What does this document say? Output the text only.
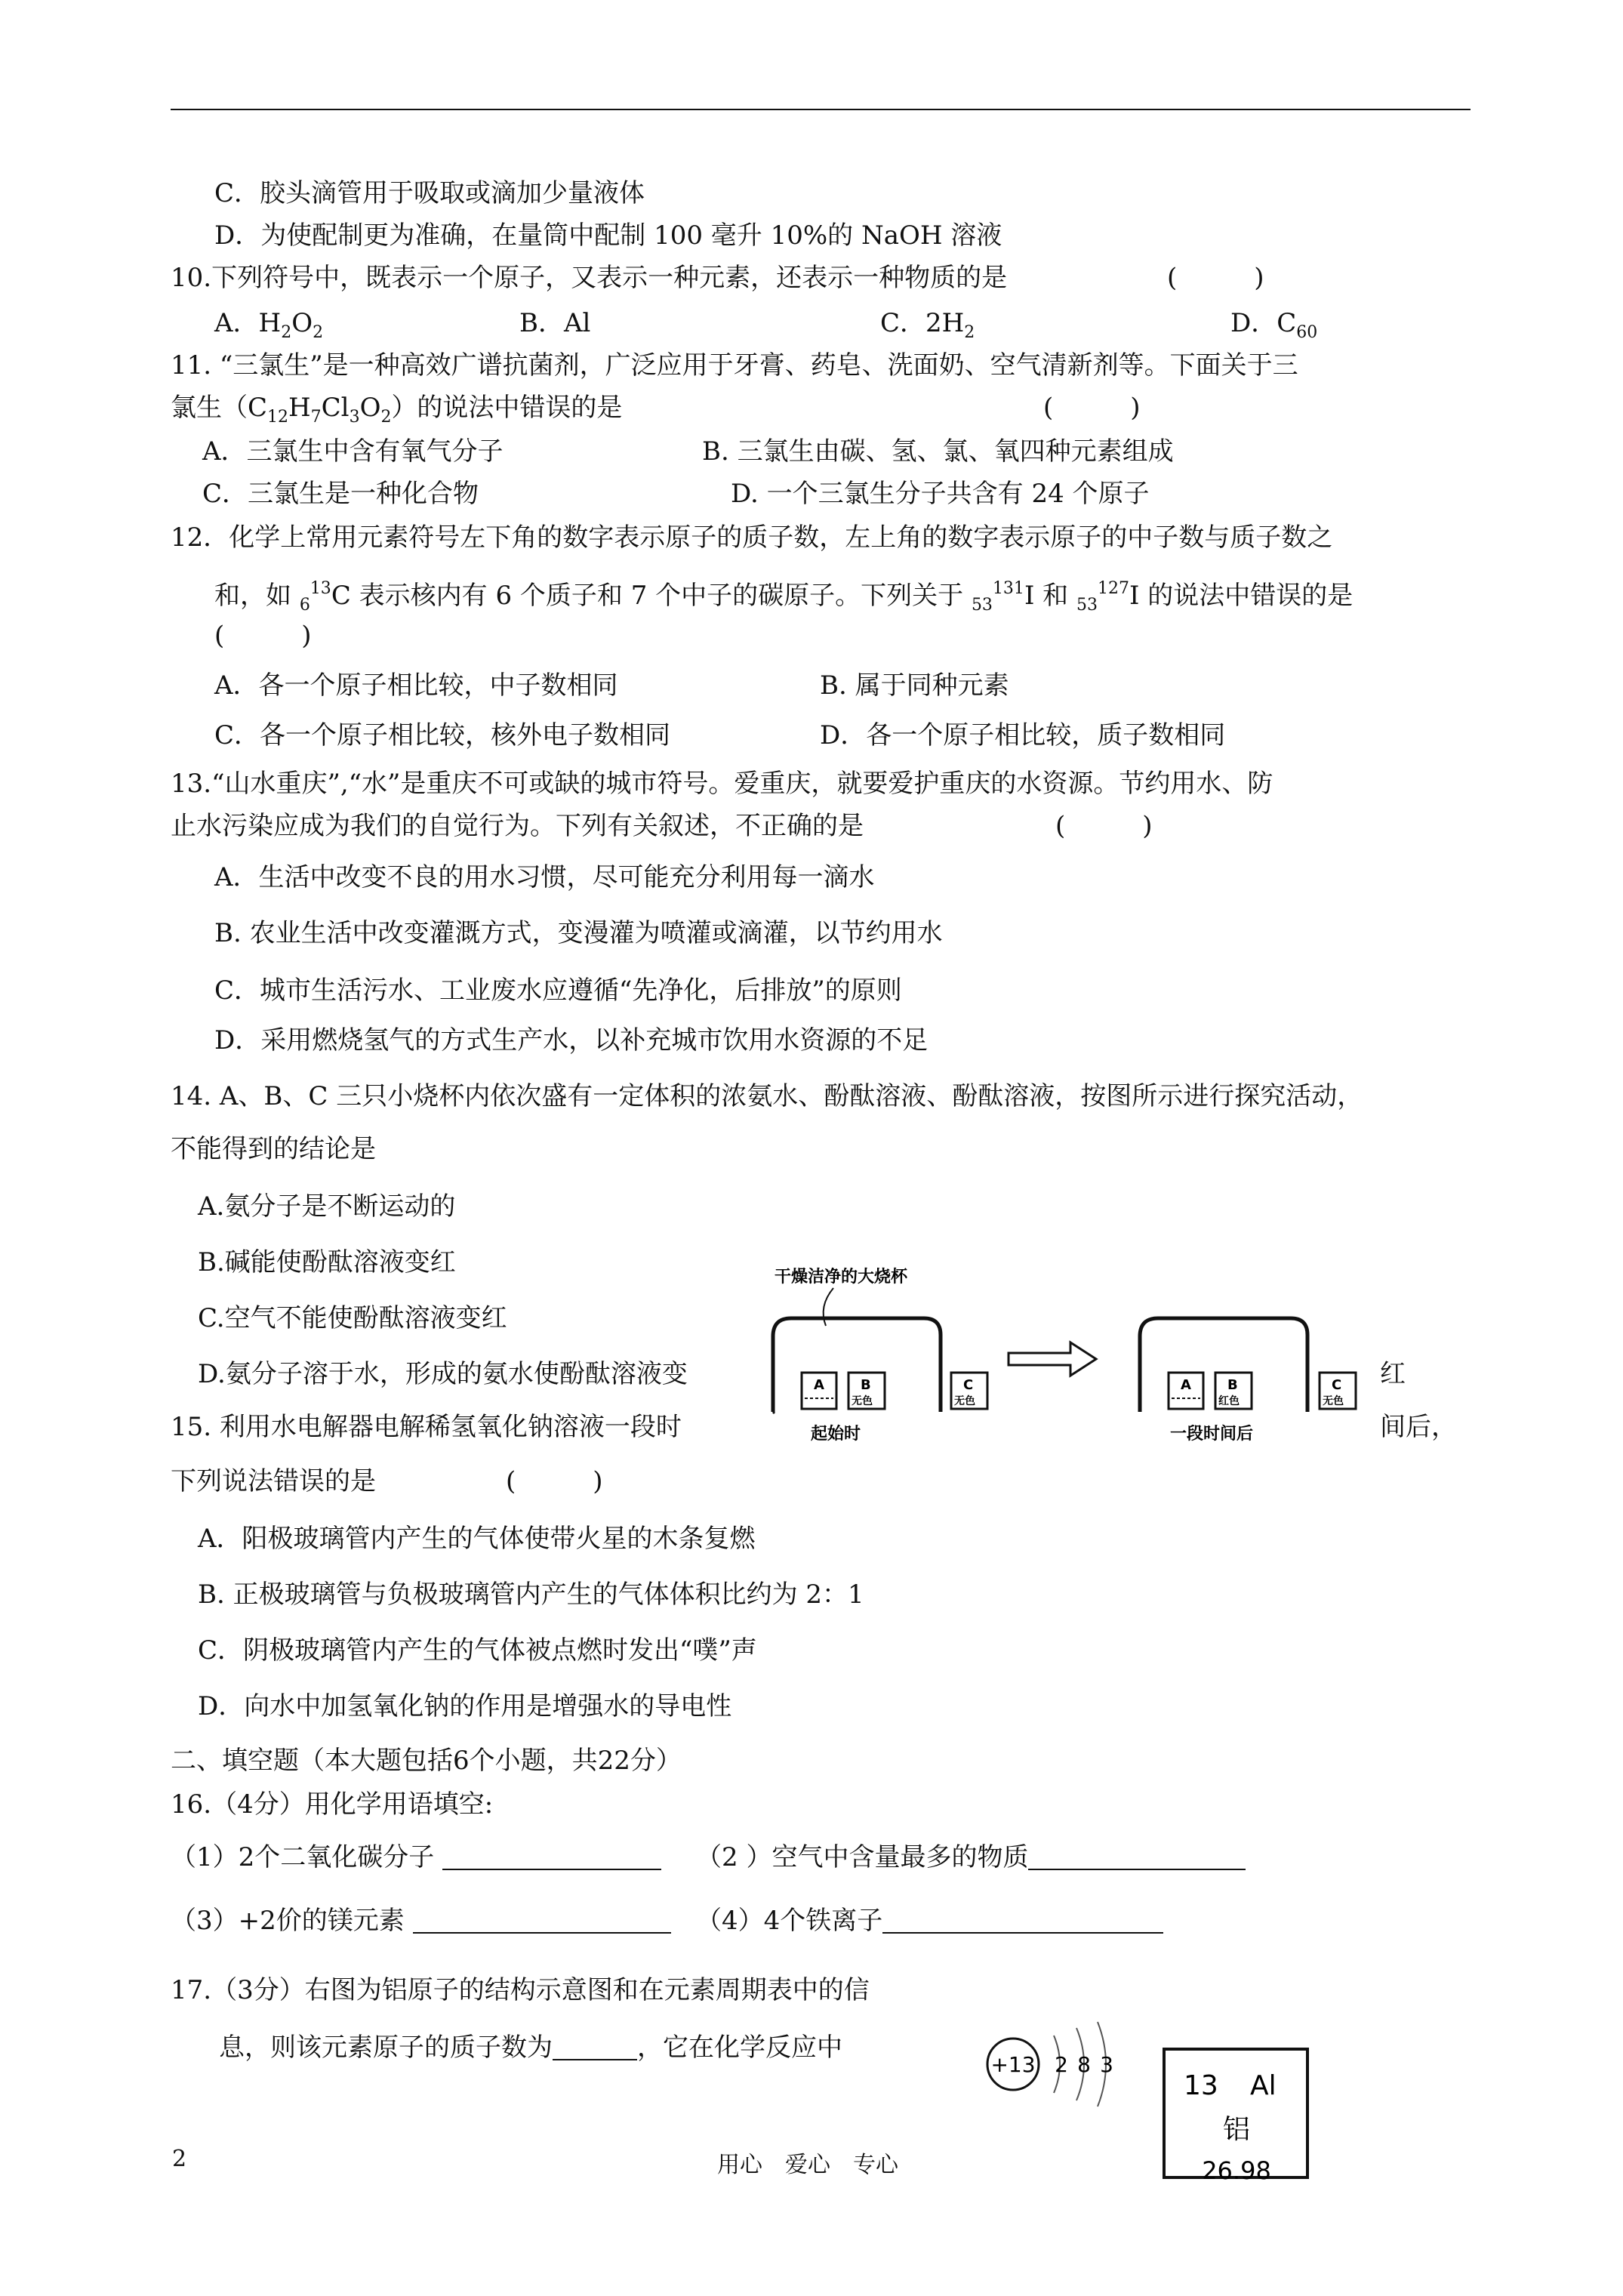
C．胶头滴管用于吸取或滴加少量液体
D．为使配制更为准确，在量筒中配制 100 毫升 10%的 NaOH 溶液
10.下列符号中，既表示一个原子，又表示一种元素，还表示一种物质的是	(　　　)
A．$H_2O_2$	B．Al	C．$2H_2$	D．$C_{60}$
11. “三氯生”是一种高效广谱抗菌剂，广泛应用于牙膏、药皂、洗面奶、空气清新剂等。下面关于三
氯生$(C_{12}H_7Cl_3O_2)$的说法中错误的是	(　　　)
A．三氯生中含有氧气分子	B. 三氯生由碳、氢、氯、氧四种元素组成
C．三氯生是一种化合物	D. 一个三氯生分子共含有 24 个原子
12．化学上常用元素符号左下角的数字表示原子的质子数，左上角的数字表示原子的中子数与质子数之
和，如 $_6^{13}$C 表示核内有 6 个质子和 7 个中子的碳原子。下列关于 $_{53}^{131}$I 和 $_{53}^{127}$I 的说法中错误的是
(　　　)
A．各一个原子相比较，中子数相同	B. 属于同种元素
C．各一个原子相比较，核外电子数相同	D．各一个原子相比较，质子数相同
13.“山水重庆”,“水”是重庆不可或缺的城市符号。爱重庆，就要爱护重庆的水资源。节约用水、防
止水污染应成为我们的自觉行为。下列有关叙述，不正确的是	(　　　)
A．生活中改变不良的用水习惯，尽可能充分利用每一滴水
B. 农业生活中改变灌溉方式，变漫灌为喷灌或滴灌，以节约用水
C．城市生活污水、工业废水应遵循“先净化，后排放”的原则
D．采用燃烧氢气的方式生产水，以补充城市饮用水资源的不足
14. A、B、C 三只小烧杯内依次盛有一定体积的浓氨水、酚酞溶液、酚酞溶液，按图所示进行探究活动，
不能得到的结论是
A.氨分子是不断运动的
B.碱能使酚酞溶液变红
C.空气不能使酚酞溶液变红
D.氨分子溶于水，形成的氨水使酚酞溶液变	红
干燥洁净的大烧杯
A	B
无色
C
无色
起始时
A	B
红色
C
无色
一段时间后
15. 利用水电解器电解稀氢氧化钠溶液一段时	间后，
下列说法错误的是	(　　　)
A．阳极玻璃管内产生的气体使带火星的木条复燃
B. 正极玻璃管与负极玻璃管内产生的气体体积比约为 2：1
C．阴极玻璃管内产生的气体被点燃时发出“噗”声
D．向水中加氢氧化钠的作用是增强水的导电性
二、填空题（本大题包括6个小题，共22分）
16.（4分）用化学用语填空:
（1）2个二氧化碳分子	（2 ）空气中含量最多的物质
（3）+2价的镁元素	（4）4个铁离子
17.（3分）右图为铝原子的结构示意图和在元素周期表中的信
息，则该元素原子的质子数为	，它在化学反应中
+13 2 8 3
13 Al
铝
26.98
2	用心　爱心　专心
